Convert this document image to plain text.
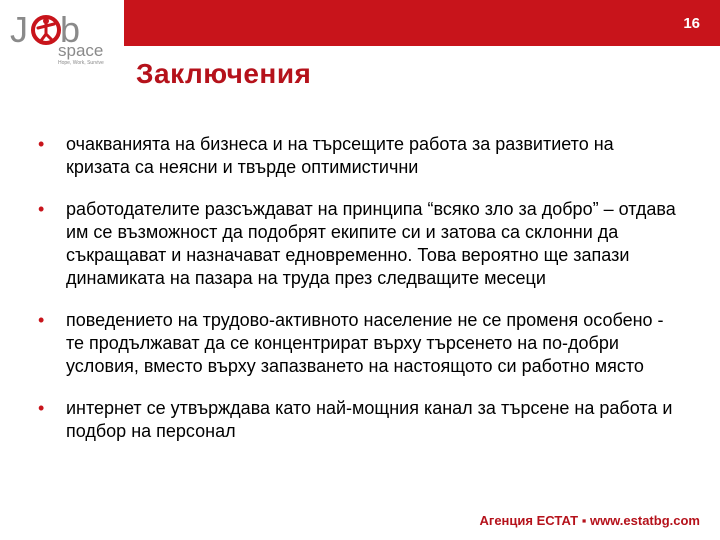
16
J b
space
Hope, Work, Survive Заключения
• очакванията на бизнеса и на търсещите работа за развитието на кризата са неясни и твърде оптимистични
• работодателите разсъждават на принципа “всяко зло за добро” – отдава им се възможност да подобрят екипите си и затова са склонни да съкращават и назначават едновременно. Това вероятно ще запази динамиката на пазара на труда през следващите месеци
• поведението на трудово-активното население не се променя особено - те продължават да се концентрират върху търсенето на по-добри условия, вместо върху запазването на настоящото си работно място
• интернет се утвърждава като най-мощния канал за търсене на работа и подбор на персонал
Агенция ЕСТАТ ▪ www.estatbg.com
